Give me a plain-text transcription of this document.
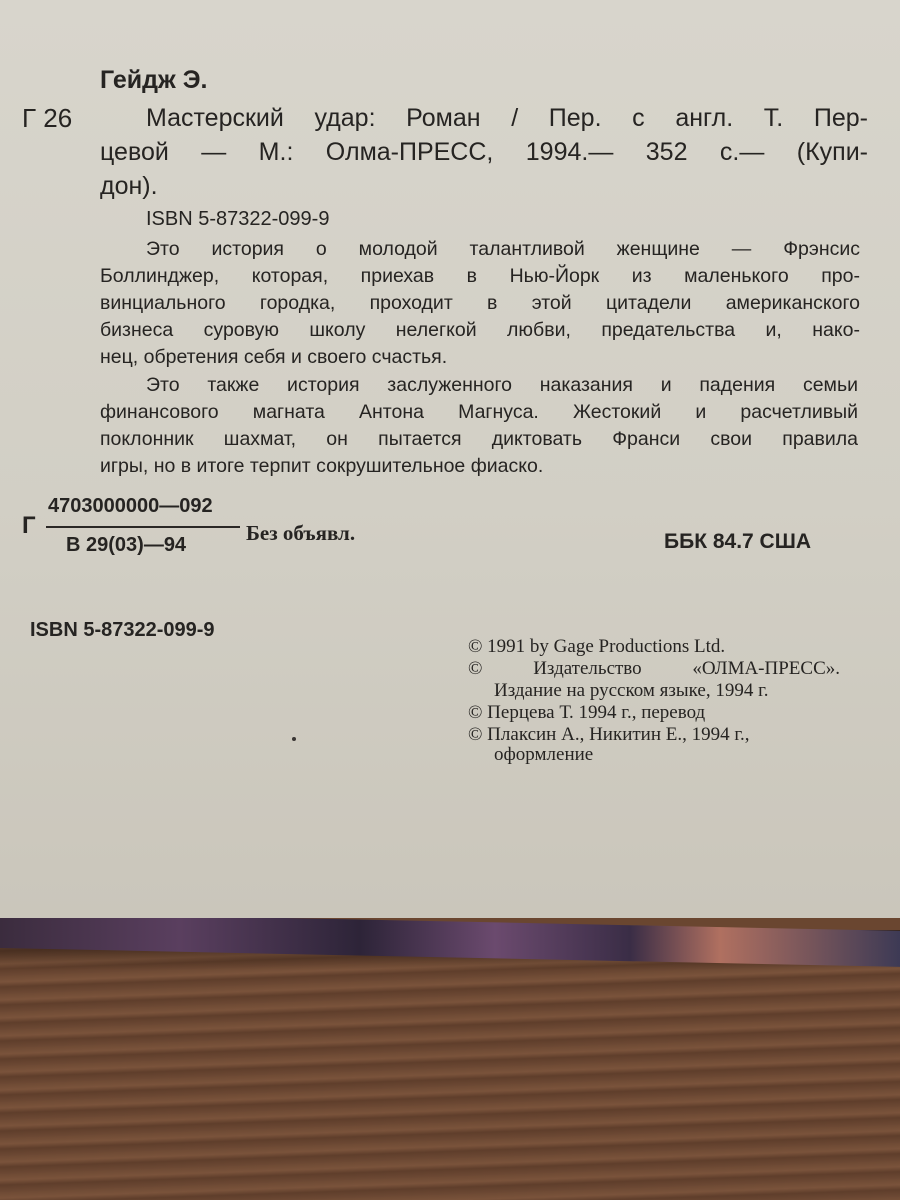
Гейдж Э.
Г 26	Мастерский удар: Роман / Пер. с англ. Т. Пер-
цевой — М.: Олма-ПРЕСС, 1994.— 352 с.— (Купи-
дон).
ISBN 5-87322-099-9
Это история о молодой талантливой женщине — Фрэнсис
Боллинджер, которая, приехав в Нью-Йорк из маленького про-
винциального городка, проходит в этой цитадели американского
бизнеса суровую школу нелегкой любви, предательства и, нако-
нец, обретения себя и своего счастья.
Это также история заслуженного наказания и падения семьи
финансового магната Антона Магнуса. Жестокий и расчетливый
поклонник шахмат, он пытается диктовать Франси свои правила
игры, но в итоге терпит сокрушительное фиаско.
Г
4703000000—092
В 29(03)—94	Без объявл.	ББК 84.7 США
ISBN 5-87322-099-9
© 1991 by Gage Productions Ltd.
© Издательство «ОЛМА-ПРЕСС».
Издание на русском языке, 1994 г.
© Перцева Т. 1994 г., перевод
© Плаксин А., Никитин Е., 1994 г.,
оформление
